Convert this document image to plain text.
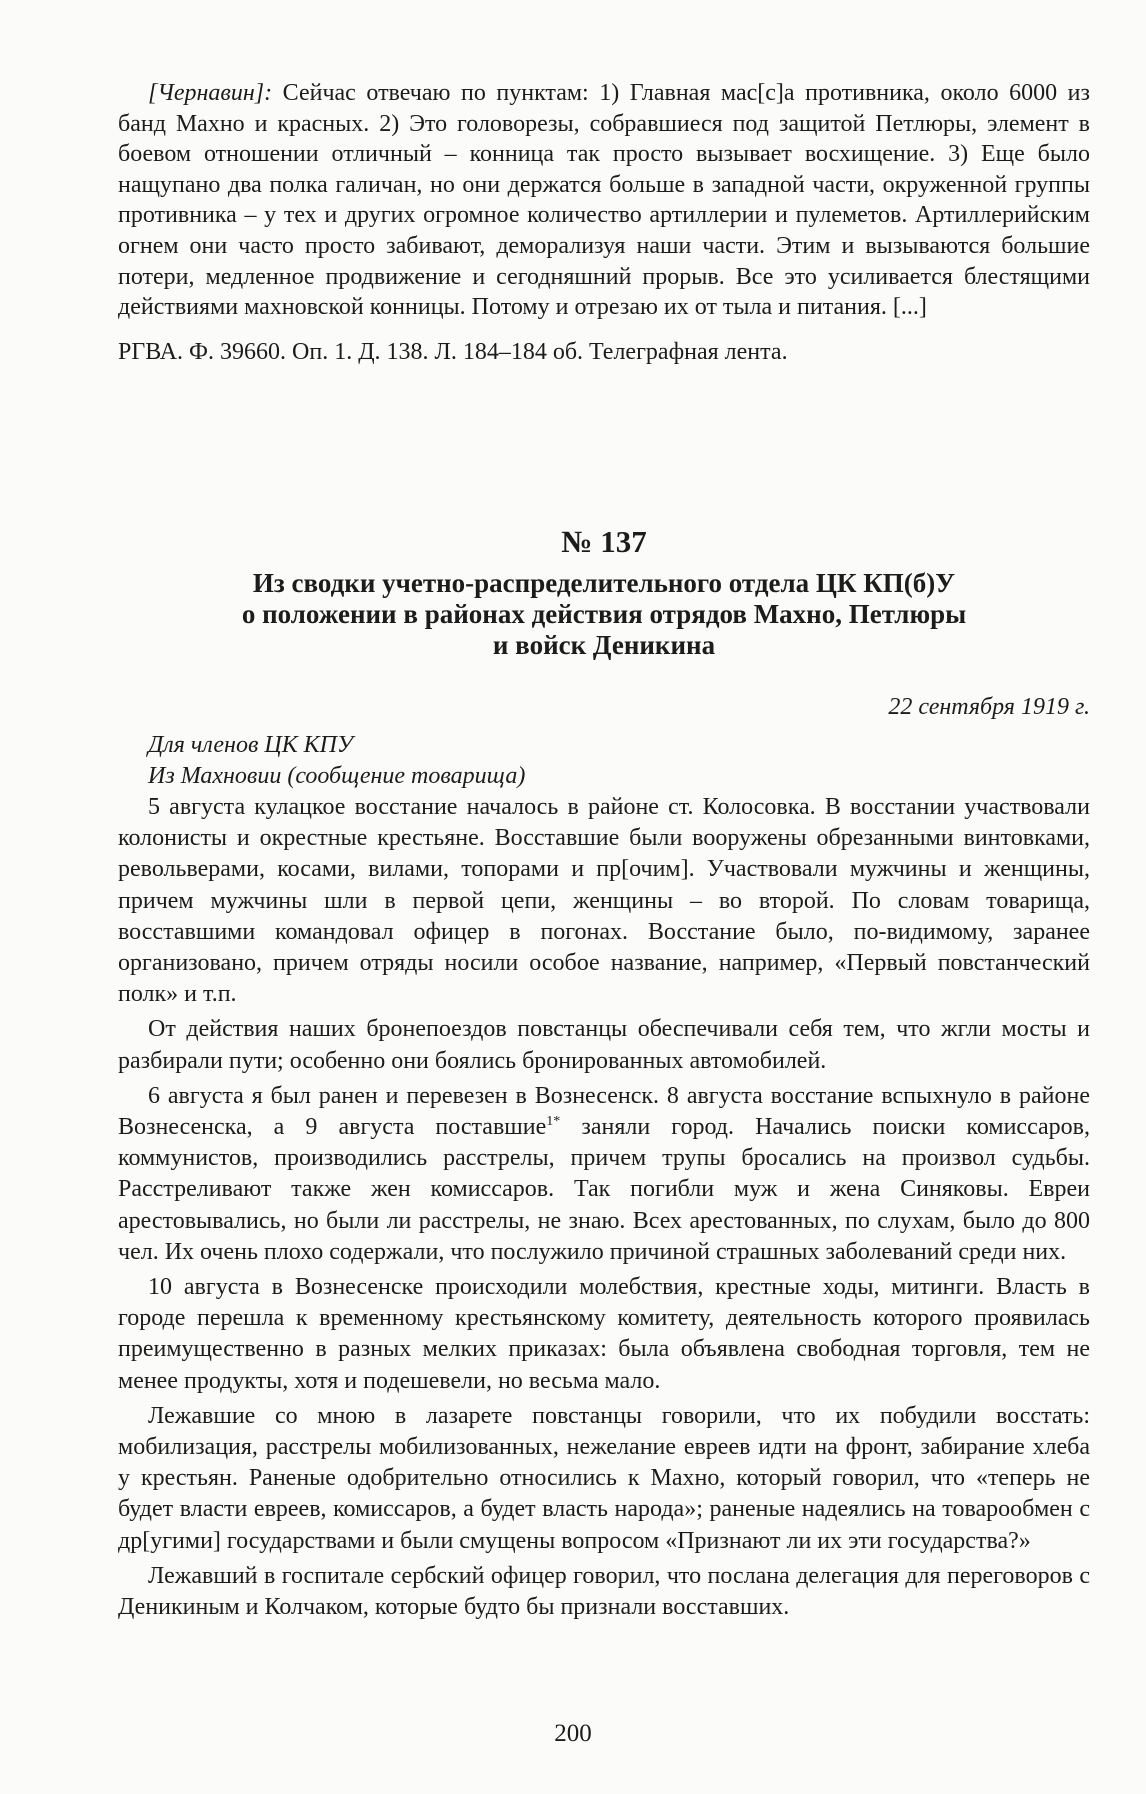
[Чернавин]: Сейчас отвечаю по пунктам: 1) Главная мас[с]а противника, около 6000 из банд Махно и красных. 2) Это головорезы, собравшиеся под защитой Петлюры, элемент в боевом отношении отличный – конница так просто вызывает восхищение. 3) Еще было нащупано два полка галичан, но они держатся больше в западной части, окруженной группы противника – у тех и других огромное количество артиллерии и пулеметов. Артиллерийским огнем они часто просто забивают, деморализуя наши части. Этим и вызываются большие потери, медленное продвижение и сегодняшний прорыв. Все это усиливается блестящими действиями махновской конницы. Потому и отрезаю их от тыла и питания. [...]

РГВА. Ф. 39660. Оп. 1. Д. 138. Л. 184–184 об. Телеграфная лента.

№ 137
Из сводки учетно-распределительного отдела ЦК КП(б)У
о положении в районах действия отрядов Махно, Петлюры
и войск Деникина
22 сентября 1919 г.

Для членов ЦК КПУ

Из Махновии (сообщение товарища)

5 августа кулацкое восстание началось в районе ст. Колосовка. В восстании участвовали колонисты и окрестные крестьяне. Восставшие были вооружены обрезанными винтовками, револьверами, косами, вилами, топорами и пр[очим]. Участвовали мужчины и женщины, причем мужчины шли в первой цепи, женщины – во второй. По словам товарища, восставшими командовал офицер в погонах. Восстание было, по-видимому, заранее организовано, причем отряды носили особое название, например, «Первый повстанческий полк» и т.п.

От действия наших бронепоездов повстанцы обеспечивали себя тем, что жгли мосты и разбирали пути; особенно они боялись бронированных автомобилей.

6 августа я был ранен и перевезен в Вознесенск. 8 августа восстание вспыхнуло в районе Вознесенска, а 9 августа поставшие$^{1*}$ заняли город. Начались поиски комиссаров, коммунистов, производились расстрелы, причем трупы бросались на произвол судьбы. Расстреливают также жен комиссаров. Так погибли муж и жена Синяковы. Евреи арестовывались, но были ли расстрелы, не знаю. Всех арестованных, по слухам, было до 800 чел. Их очень плохо содержали, что послужило причиной страшных заболеваний среди них.

10 августа в Вознесенске происходили молебствия, крестные ходы, митинги. Власть в городе перешла к временному крестьянскому комитету, деятельность которого проявилась преимущественно в разных мелких приказах: была объявлена свободная торговля, тем не менее продукты, хотя и подешевели, но весьма мало.

Лежавшие со мною в лазарете повстанцы говорили, что их побудили восстать: мобилизация, расстрелы мобилизованных, нежелание евреев идти на фронт, забирание хлеба у крестьян. Раненые одобрительно относились к Махно, который говорил, что «теперь не будет власти евреев, комиссаров, а будет власть народа»; раненые надеялись на товарообмен с др[угими] государствами и были смущены вопросом «Признают ли их эти государства?»

Лежавший в госпитале сербский офицер говорил, что послана делегация для переговоров с Деникиным и Колчаком, которые будто бы признали восставших.

200
